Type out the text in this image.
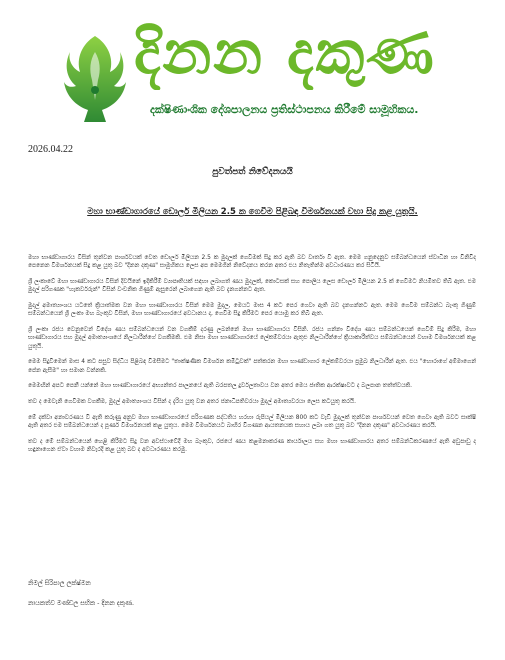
දිනන දකුණ
දක්ෂිණාංශික දේශපාලනය ප්‍රතිස්ථාපනය කිරීමේ සාමූහිකය.
2026.04.22
පුවත්පත් නිවේදනයයි
මහා භාණ්ඩාගාරයේ ඩොලර් මිලියන 2.5 ක ගෙවීම පිළිබඳ විමර්ශනයක් වහා සිදු කළ යුතුයි.

මහා භාණ්ඩාගාරය විසින් තුන්වන පාර්ශවයක් වෙත ඩොලර් මිලියන 2.5 ක මුදලක් ගෙවීමක් සිදු කර ඇති බව වාර්තා වී ඇත. මෙම ගනුදෙනුව සම්බන්ධයෙන් ස්වාධීන හා විනිවිද පෙනෙන විමර්ශනයක් සිදු කළ යුතු බව "දිනන දකුණ" සාමූහිකය ලෙස අප මෙමගින් නිවේදනය කරන අතර එය නිතැතින්ම අවධාරණය කර සිටියි.

ශ්‍රී ලංකාවේ මහා භාණ්ඩාගාරය විසින් දිවයිනේ ඉදිකිරීම් ව්‍යාපෘතියක් සඳහා ලබාගත් ණය මුදලක්, කොටසක් සහ පොලිය ලෙස ඩොලර් මිලියන 2.5 ක් ගෙවීමට නියමිතව තිබී ඇත. එම මුදල් පරිගණක "හැකර්වරුන්" විසින් වංචනික ගිණුම් ඇසුරෙන් ලබාගෙන ඇති බව දැනගන්නට ඇත.

මුදල් අමාත්‍යාංශය යටතේ ක්‍රියාත්මක වන මහා භාණ්ඩාගාරය විසින් මෙම මුදල, මෙයට මාස 4 කට පෙර ගෙවා ඇති බව දැනගන්නට ඇත. මෙම ගෙවීම සම්බන්ධ බැංකු ගිණුම් සම්බන්ධයෙන් ශ්‍රී ලංකා මහ බැංකුව විසින්, මහා භාණ්ඩාගාරයේ අවධානය ද, ගෙවීම සිදු කිරීමට පෙර යොමු කර තිබී ඇත.

ශ්‍රී ලංකා රජය වෙනුවෙන් විදේශ ණය සම්බන්ධයෙන් වන වගකීම් දරණු ලබන්නේ මහා භාණ්ඩාගාරය විසිනි. රජය ගන්නා විදේශ ණය සම්බන්ධයෙන් ගෙවීම් සිදු කිරීම, මහා භාණ්ඩාගාරය සහ මුදල් අමාත්‍යාංශයේ නිලධාරීන්ගේ වගකීමකි. එම නිසා මහා භාණ්ඩාගාරයේ ලේකම්වරයා ඇතුළු නිලධාරීන්ගේ ක්‍රියාකාරීත්වය සම්බන්ධයෙන් වහාම විමර්ශනයක් කළ යුතුයි.

මෙම සිදුවීමෙන් මාස 4 කට පසුව සිද්ධිය පිළිබඳ විමසීමට "තාක්ෂණික විමර්ශන කමිටුවක්" පත්කරන මහා භාණ්ඩාගාර ලේකම්වරයා ප්‍රමුඛ නිලධාරීන් ඇත. එය "හොරාගේ අම්මාගෙන් පේන ඇසීම" හා සමාන වන්නකි.

මෙමඟින් අපට පෙනී යන්නේ මහා භාණ්ඩාගාරයේ අභ්‍යන්තර පාලනයේ ඇති බරපතල දුර්වලතාවය වන අතර මෙය ජාතික ආරක්ෂාවට ද බලපාන තත්ත්වයකි.

තව ද මෙවැනි ගෙවීමක වගකීම, මුදල් අමාත්‍යාංශය විසින් ද දැරිය යුතු වන අතර ජනාධිපතිවරයා මුදල් අමාත්‍යවරයා ලෙස කටයුතු කරයි.

මේ දක්වා අනාවරණය වී ඇති කරුණු අනුව මහා භාණ්ඩාගාරයේ පරිගණක පද්ධතිය හරහා රුපියල් මිලියන 800 කට වැඩි මුදලක් තුන්වන පාර්ශවයන් වෙත ගෙවා ඇති බවට සාක්ෂි ඇති අතර එම සම්බන්ධයෙන් ද පූර්ණ විමර්ශනයක් කළ යුතුය. මෙම විමර්ශනයට බාහිර විගණන ආයතනයක සහාය ලබා ගත යුතු බව "දිනන දකුණ" අවධාරණය කරයි.

තව ද මේ සම්බන්ධයෙන් හෙළි කිරීමට සිදු වන අවස්ථාවේදී මහ බැංකුව, රජයේ ණය කළමනාකරණ කාර්යාලය සහ මහා භාණ්ඩාගාරය අතර සම්බන්ධීකරණයේ ඇති අඩුපාඩු ද හඳුනාගෙන ඒවා වහාම නිවැරදි කළ යුතු බව ද අවධාරණය කරමු.

නිමල් සිරිපාල ලක්ෂ්මන
නායකත්ව මණ්ඩල සභික - දිනන දකුණ.
